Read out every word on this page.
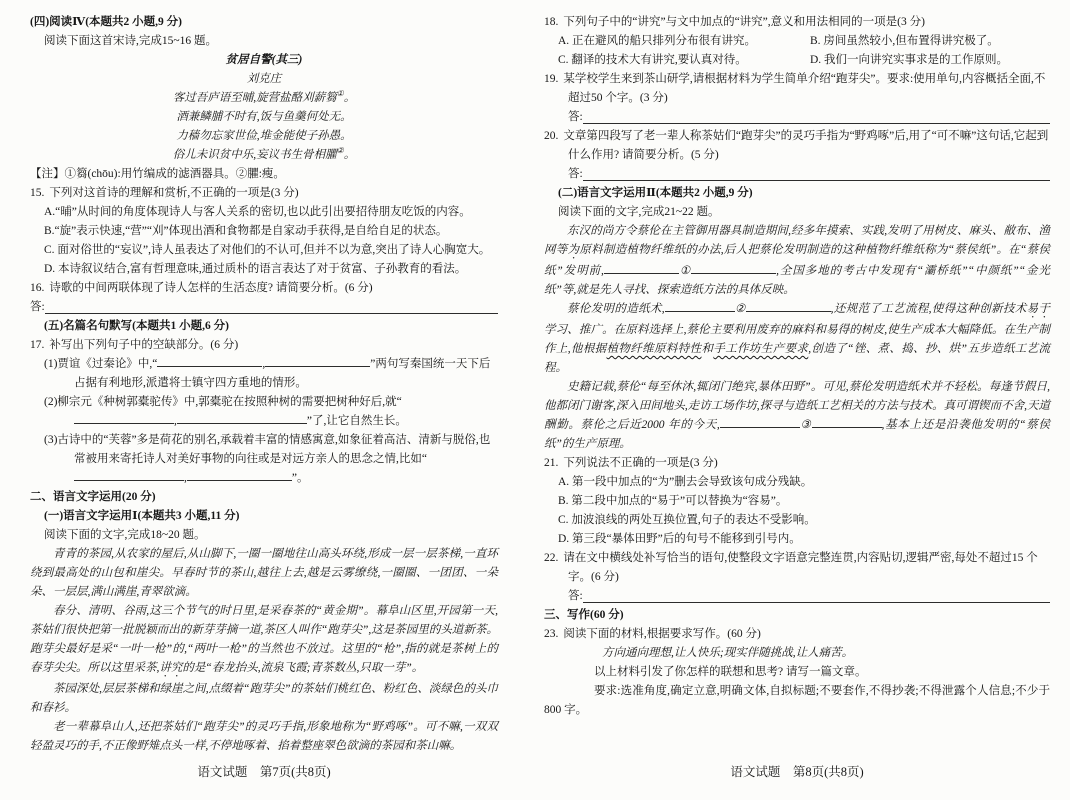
(四)阅读Ⅳ(本题共2 小题,9 分)
阅读下面这首宋诗,完成15~16 题。
贫居自警(其三)
刘克庄
客过吾庐语至晡,旋营盐酪刈薪篘①。
酒兼鳞脯不时有,饭与鱼羹何处无。
力穑勿忘家世俭,堆金能使子孙愚。
俗儿未识贫中乐,妄议书生骨相臞②。
【注】①篘(chōu):用竹编成的滤酒器具。②臞:瘦。
15. 下列对这首诗的理解和赏析,不正确的一项是(3 分)
A.“晡”从时间的角度体现诗人与客人关系的密切,也以此引出要招待朋友吃饭的内容。
B.“旋”表示快速,“营”“刈”体现出酒和食物都是自家动手获得,是自给自足的状态。
C. 面对俗世的“妄议”,诗人虽表达了对他们的不认可,但并不以为意,突出了诗人心胸宽大。
D. 本诗叙议结合,富有哲理意味,通过质朴的语言表达了对于贫富、子孙教育的看法。
16. 诗歌的中间两联体现了诗人怎样的生活态度? 请简要分析。(6 分)
答:
(五)名篇名句默写(本题共1 小题,6 分)
17. 补写出下列句子中的空缺部分。(6 分)
(1)贾谊《过秦论》中,“	,	”两句写秦国统一天下后占据有利地形,派遣将士镇守四方重地的情形。
(2)柳宗元《种树郭橐驼传》中,郭橐驼在按照种树的需要把树种好后,就“,	”了,让它自然生长。
(3)古诗中的“芙蓉”多是荷花的别名,承载着丰富的情感寓意,如象征着高洁、清新与脱俗,也常被用来寄托诗人对美好事物的向往或是对远方亲人的思念之情,比如“,	”。
二、语言文字运用(20 分)
(一)语言文字运用Ⅰ(本题共3 小题,11 分)
阅读下面的文字,完成18~20 题。

青青的茶园,从农家的屋后,从山脚下,一圈一圈地往山高头环绕,形成一层一层茶梯,一直环绕到最高处的山包和崖尖。早春时节的茶山,越往上去,越是云雾缭绕,一圈圈、一团团、一朵朵、一层层,满山满崖,青翠欲滴。

春分、清明、谷雨,这三个节气的时日里,是采春茶的“黄金期”。幕阜山区里,开园第一天,茶姑们很快把第一批脱颖而出的新芽芽摘一道,茶区人叫作“跑芽尖”,这是茶园里的头道新茶。跑芽尖最好是采“一叶一枪”的,“两叶一枪”的当然也不放过。这里的“枪”,指的就是茶树上的春芽尖尖。所以这里采茶,讲究的是“春龙抬头,流泉飞霞;青茶数丛,只取一芽”。

茶园深处,层层茶梯和绿崖之间,点缀着“跑芽尖”的茶姑们桃红色、粉红色、淡绿色的头巾和春衫。

老一辈幕阜山人,还把茶姑们“跑芽尖”的灵巧手指,形象地称为“野鸡啄”。可不嘛,一双双轻盈灵巧的手,不正像野雉点头一样,不停地啄着、掐着整座翠色欲滴的茶园和茶山嘛。

18. 下列句子中的“讲究”与文中加点的“讲究”,意义和用法相同的一项是(3 分)
A. 正在避风的船只排列分布很有讲究。	B. 房间虽然较小,但布置得讲究极了。
C. 翻译的技术大有讲究,要认真对待。	D. 我们一向讲究实事求是的工作原则。
19. 某学校学生来到茶山研学,请根据材料为学生简单介绍“跑芽尖”。要求:使用单句,内容概括全面,不超过50 个字。(3 分)
答:
20. 文章第四段写了老一辈人称茶姑们“跑芽尖”的灵巧手指为“野鸡啄”后,用了“可不嘛”这句话,它起到什么作用? 请简要分析。(5 分)
答:
(二)语言文字运用Ⅱ(本题共2 小题,9 分)
阅读下面的文字,完成21~22 题。

东汉的尚方令蔡伦在主管御用器具制造期间,经多年摸索、实践,发明了用树皮、麻头、敝布、渔网等为原料制造植物纤维纸的办法,后人把蔡伦发明制造的这种植物纤维纸称为“蔡侯纸”。在“蔡侯纸”发明前,	①	,全国多地的考古中发现有“灞桥纸”“中颜纸”“金光纸”等,就是先人寻找、探索造纸方法的具体反映。

蔡伦发明的造纸术,	②	,还规范了工艺流程,使得这种创新技术易于学习、推广。在原料选择上,蔡伦主要利用废弃的麻料和易得的树皮,使生产成本大幅降低。在生产制作上,他根据植物纤维原料特性和手工作坊生产要求,创造了“锉、煮、捣、抄、烘”五步造纸工艺流程。

史籍记载,蔡伦“每至休沐,辄闭门绝宾,暴体田野”。可见,蔡伦发明造纸术并不轻松。每逢节假日,他都闭门谢客,深入田间地头,走访工场作坊,探寻与造纸工艺相关的方法与技术。真可谓锲而不舍,天道酬勤。蔡伦之后近2000 年的今天,	③	,基本上还是沿袭他发明的“蔡侯纸”的生产原理。

21. 下列说法不正确的一项是(3 分)
A. 第一段中加点的“为”删去会导致该句成分残缺。
B. 第二段中加点的“易于”可以替换为“容易”。
C. 加波浪线的两处互换位置,句子的表达不受影响。
D. 第三段“暴体田野”后的句号不能移到引号内。
22. 请在文中横线处补写恰当的语句,使整段文字语意完整连贯,内容贴切,逻辑严密,每处不超过15 个字。(6 分)
答:
三、写作(60 分)
23. 阅读下面的材料,根据要求写作。(60 分)
方向通向理想,让人快乐;现实伴随挑战,让人痛苦。
以上材料引发了你怎样的联想和思考? 请写一篇文章。
要求:选准角度,确定立意,明确文体,自拟标题;不要套作,不得抄袭;不得泄露个人信息;不少于800 字。
语文试题　第7页(共8页)	语文试题　第8页(共8页)
